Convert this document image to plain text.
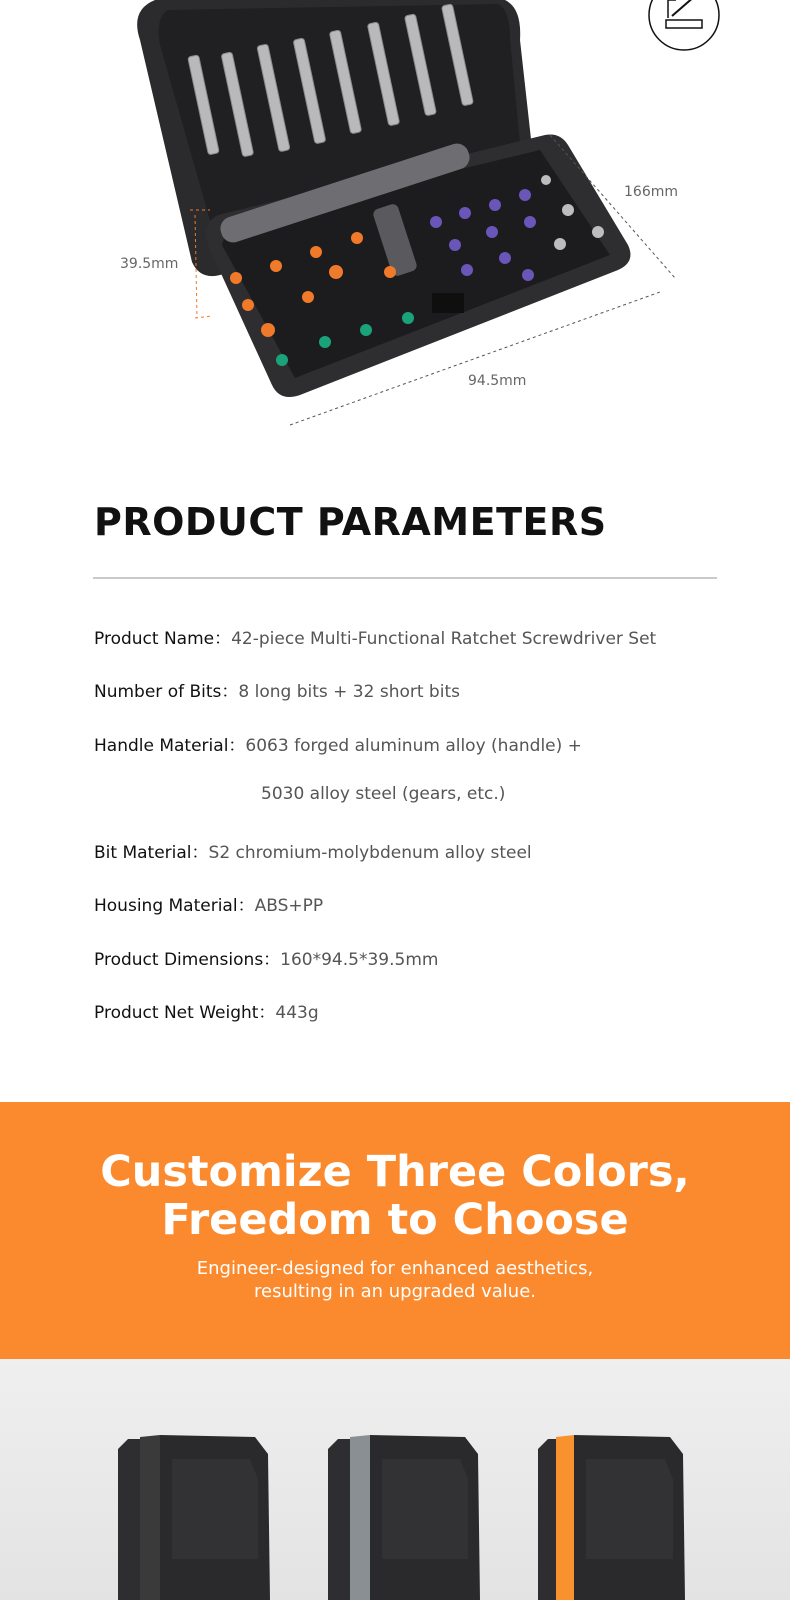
39.5mm
166mm
94.5mm
PRODUCT PARAMETERS
Product Name：42-piece Multi-Functional Ratchet Screwdriver Set
Number of Bits：8 long bits + 32 short bits
Handle Material：6063 forged aluminum alloy (handle) +
5030 alloy steel (gears, etc.)
Bit Material：S2 chromium-molybdenum alloy steel
Housing Material：ABS+PP
Product Dimensions：160*94.5*39.5mm
Product Net Weight：443g
Customize Three Colors,
Freedom to Choose
Engineer-designed for enhanced aesthetics,
resulting in an upgraded value.
